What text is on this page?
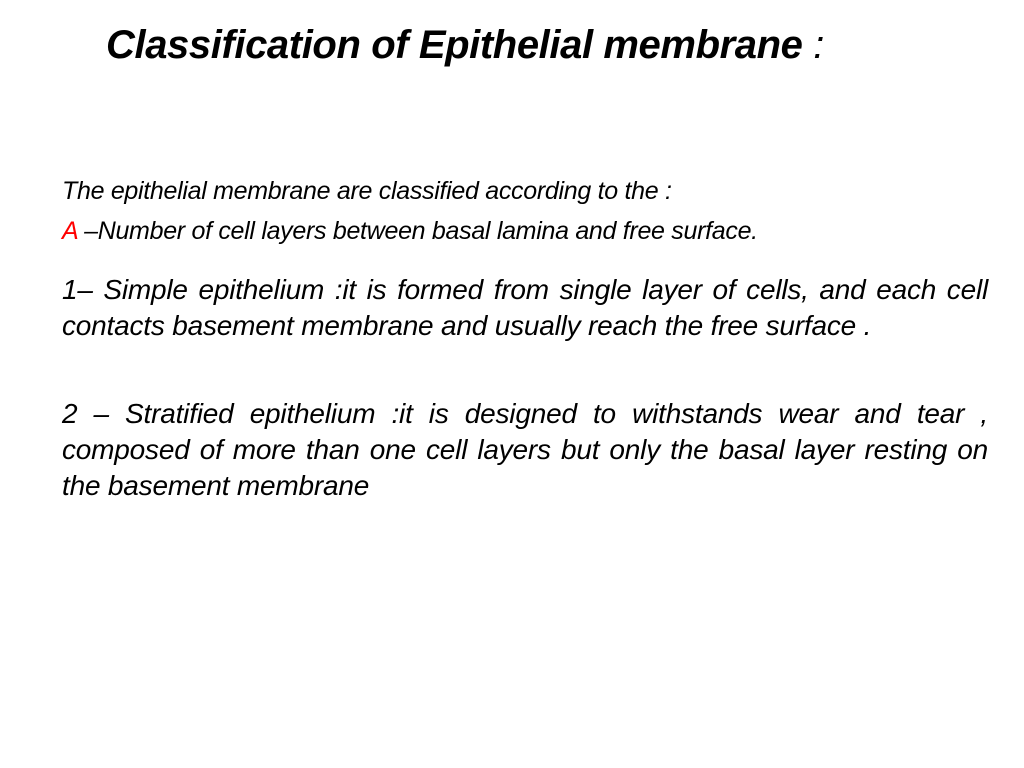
Classification of Epithelial membrane :

The epithelial membrane are classified according to the :

A –Number of cell layers between basal lamina and free surface.

1– Simple epithelium :it is formed from single layer of cells, and each cell contacts basement membrane and usually reach the free surface .

2 – Stratified epithelium :it is designed to withstands wear and tear , composed of more than one cell layers but only the basal layer resting on the basement membrane
